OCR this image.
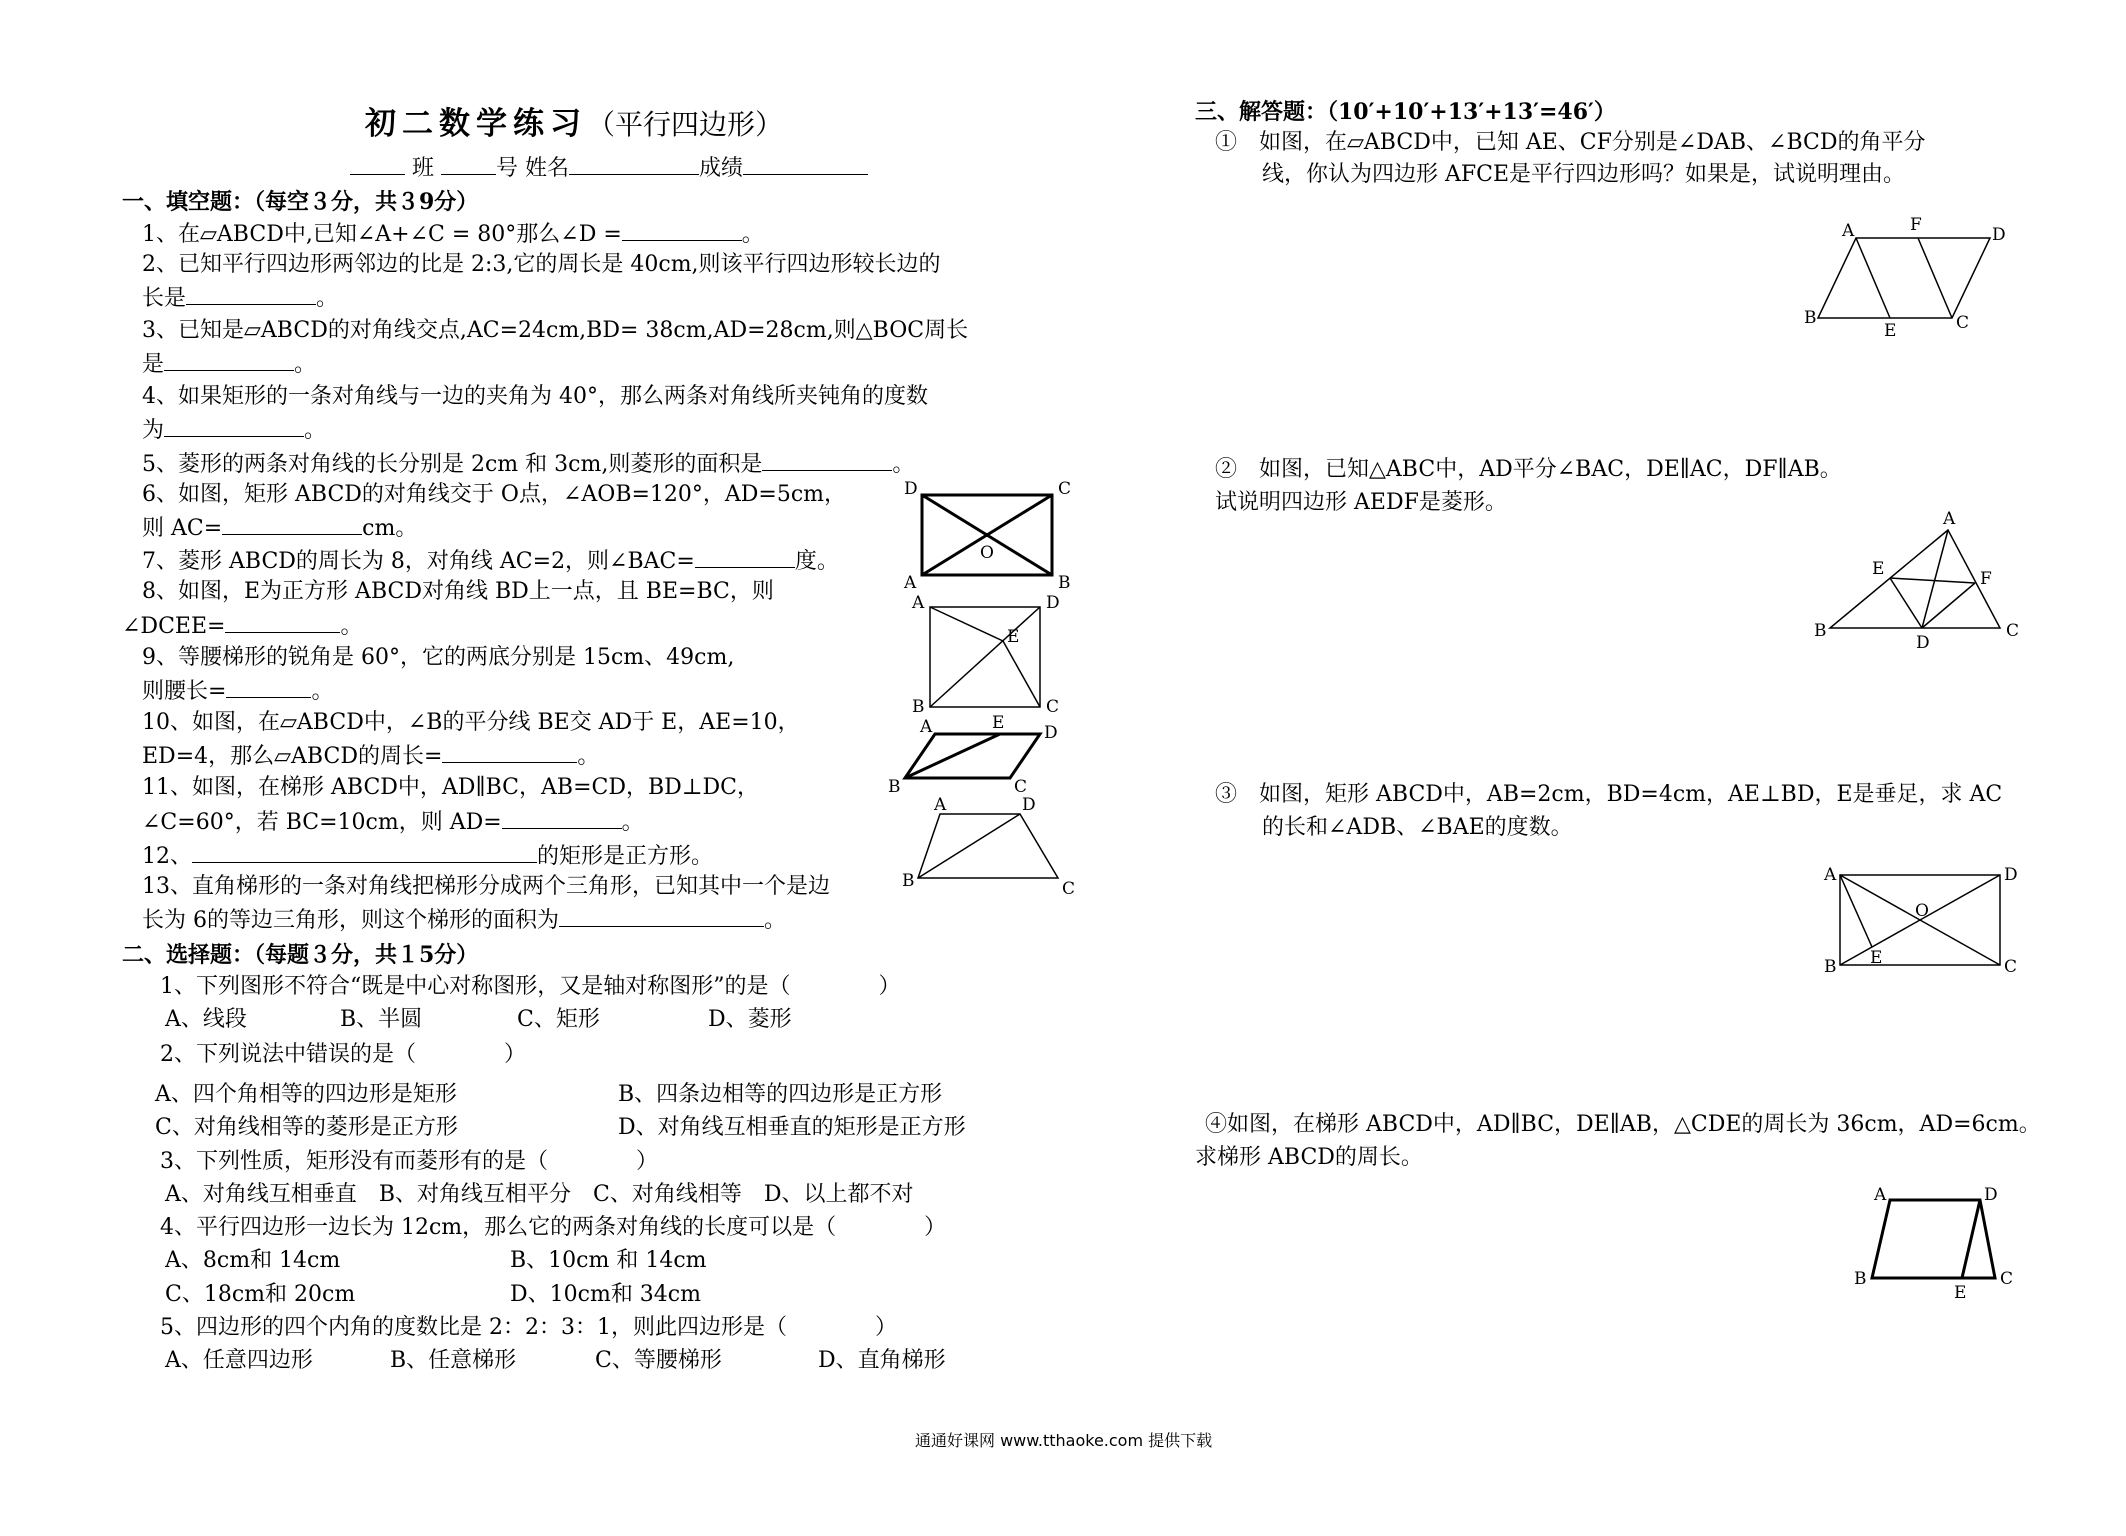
初二数学练习（平行四边形）
班	号 姓名	成绩
一、填空题：（每空３分，共３9分）
1、在▱ABCD中,已知∠A+∠C = 80°那么∠D =	。
2、已知平行四边形两邻边的比是 2:3,它的周长是 40cm,则该平行四边形较长边的
长是	。
3、已知是▱ABCD的对角线交点,AC=24cm,BD= 38cm,AD=28cm,则△BOC周长
是	。
4、如果矩形的一条对角线与一边的夹角为 40°，那么两条对角线所夹钝角的度数
为	。
5、菱形的两条对角线的长分别是 2cm 和 3cm,则菱形的面积是	。
6、如图，矩形 ABCD的对角线交于 O点，∠AOB=120°，AD=5cm，
则 AC=	cm。
7、菱形 ABCD的周长为 8，对角线 AC=2，则∠BAC=	度。
8、如图，E为正方形 ABCD对角线 BD上一点，且 BE=BC，则
∠DCEE=	。
9、等腰梯形的锐角是 60°，它的两底分别是 15cm、49cm,
则腰长=	。
10、如图，在▱ABCD中，∠B的平分线 BE交 AD于 E，AE=10，
ED=4，那么▱ABCD的周长=	。
11、如图，在梯形 ABCD中，AD∥BC，AB=CD，BD⊥DC，
∠C=60°，若 BC=10cm，则 AD=	。
12、	的矩形是正方形。
13、直角梯形的一条对角线把梯形分成两个三角形，已知其中一个是边
长为 6的等边三角形，则这个梯形的面积为	。
二、选择题：（每题３分，共１5分）
1、下列图形不符合“既是中心对称图形，又是轴对称图形”的是（　　　　）
A、线段	B、半圆	C、矩形	D、菱形
2、下列说法中错误的是（　　　　）
A、四个角相等的四边形是矩形	B、四条边相等的四边形是正方形
C、对角线相等的菱形是正方形	D、对角线互相垂直的矩形是正方形
3、下列性质，矩形没有而菱形有的是（　　　　）
A、对角线互相垂直　B、对角线互相平分　C、对角线相等　D、以上都不对
4、平行四边形一边长为 12cm，那么它的两条对角线的长度可以是（　　　　）
A、8cm和 14cm	B、10cm 和 14cm
C、18cm和 20cm	D、10cm和 34cm
5、四边形的四个内角的度数比是 2：2：3：1，则此四边形是（　　　　）
A、任意四边形	B、任意梯形	C、等腰梯形	D、直角梯形
三、解答题：（10′+10′+13′+13′=46′）
①　如图，在▱ABCD中，已知 AE、CF分别是∠DAB、∠BCD的角平分
线，你认为四边形 AFCE是平行四边形吗？如果是，试说明理由。
②　如图，已知△ABC中，AD平分∠BAC，DE∥AC，DF∥AB。
试说明四边形 AEDF是菱形。
③　如图，矩形 ABCD中，AB=2cm，BD=4cm，AE⊥BD，E是垂足，求 AC
的长和∠ADB、∠BAE的度数。
④如图，在梯形 ABCD中，AD∥BC，DE∥AB，△CDE的周长为 36cm，AD=6cm。
求梯形 ABCD的周长。
D	C
A	B
O
A	D
B	C
E
A	E D
B	C
A	D
B	C
A	F	D
B
E	C
A
E	F
B
D
C
A	D
B	C
O
E
A	D
B
E
C
通通好课网 www.tthaoke.com 提供下载
